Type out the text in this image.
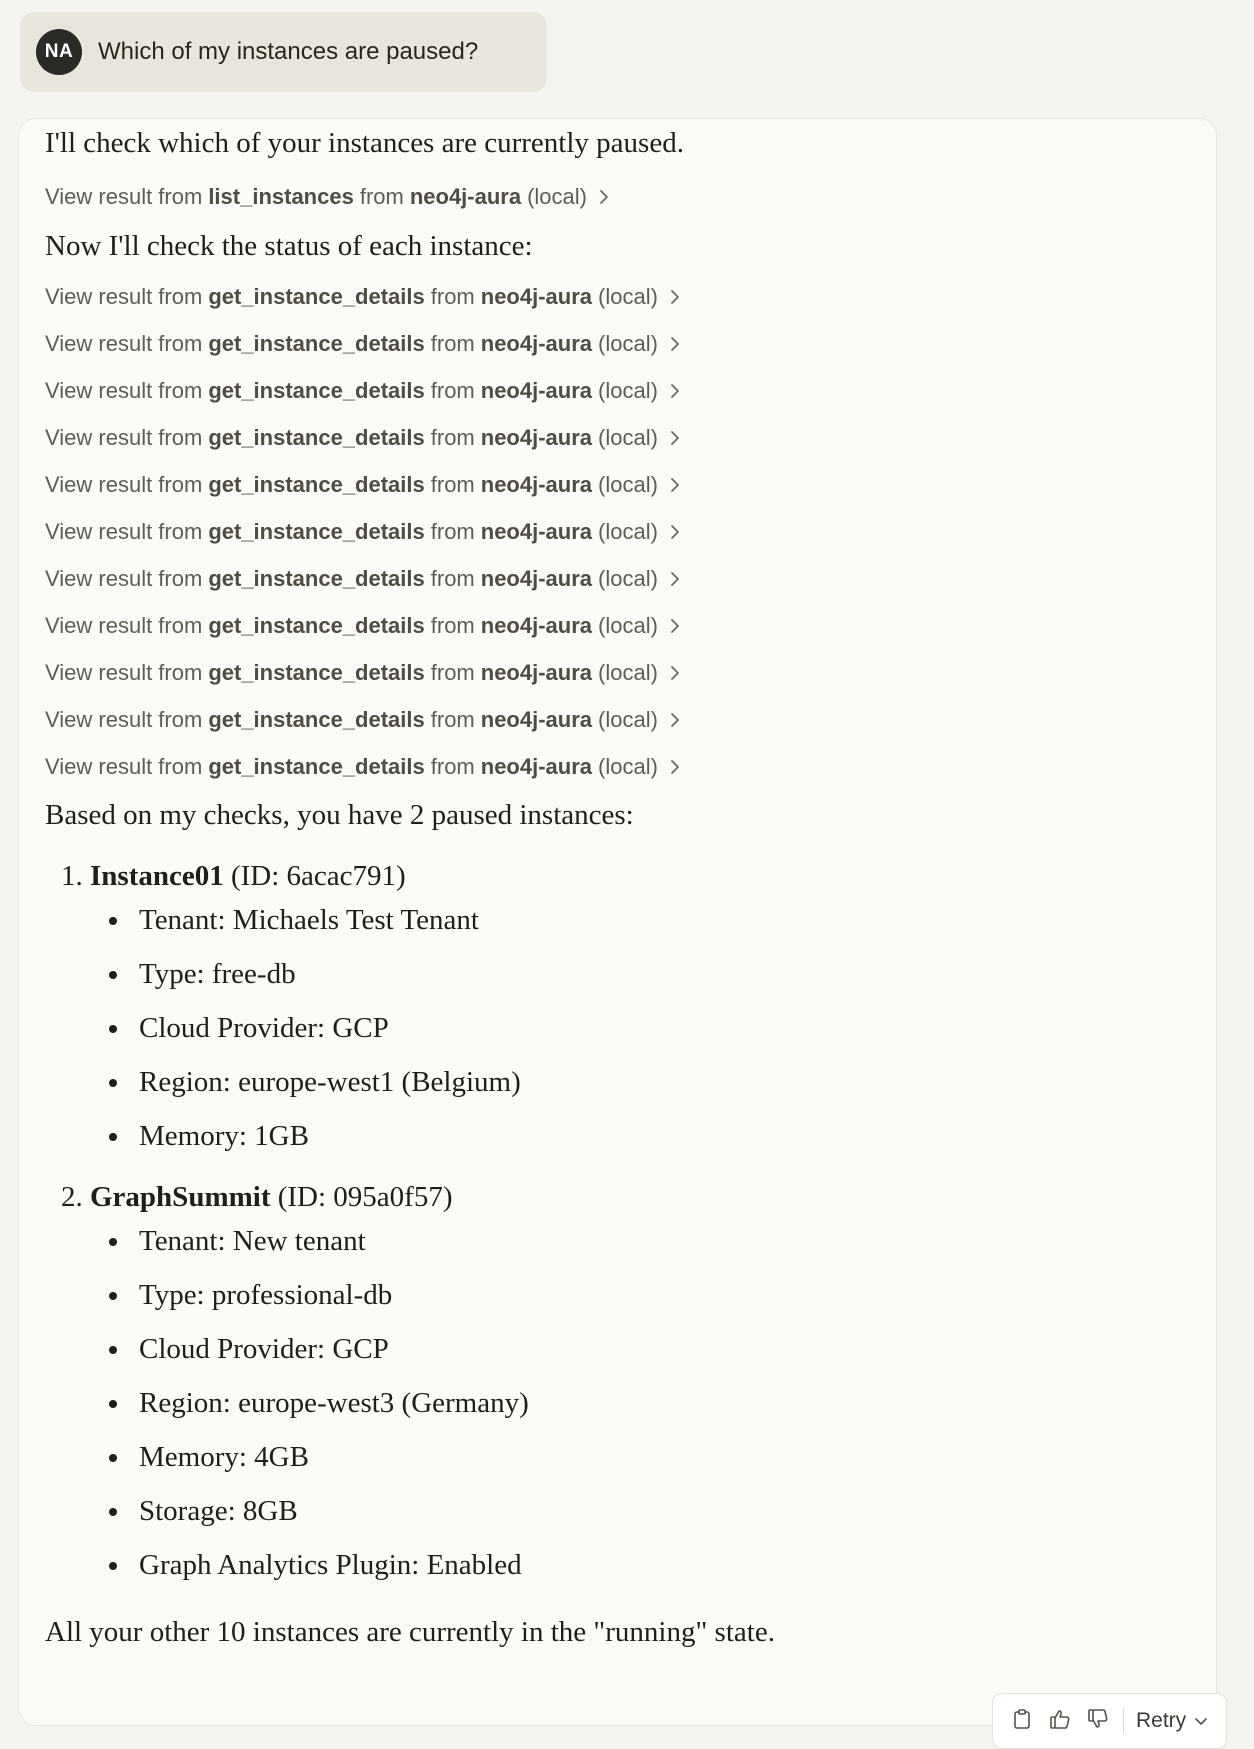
NA	Which of my instances are paused?
I'll check which of your instances are currently paused.
View result from list_instances from neo4j-aura (local)
Now I'll check the status of each instance:
View result from get_instance_details from neo4j-aura (local)
View result from get_instance_details from neo4j-aura (local)
View result from get_instance_details from neo4j-aura (local)
View result from get_instance_details from neo4j-aura (local)
View result from get_instance_details from neo4j-aura (local)
View result from get_instance_details from neo4j-aura (local)
View result from get_instance_details from neo4j-aura (local)
View result from get_instance_details from neo4j-aura (local)
View result from get_instance_details from neo4j-aura (local)
View result from get_instance_details from neo4j-aura (local)
View result from get_instance_details from neo4j-aura (local)
Based on my checks, you have 2 paused instances:
1. Instance01 (ID: 6acac791)
Tenant: Michaels Test Tenant
Type: free-db
Cloud Provider: GCP
Region: europe-west1 (Belgium)
Memory: 1GB
2. GraphSummit (ID: 095a0f57)
Tenant: New tenant
Type: professional-db
Cloud Provider: GCP
Region: europe-west3 (Germany)
Memory: 4GB
Storage: 8GB
Graph Analytics Plugin: Enabled
All your other 10 instances are currently in the "running" state.
Retry
